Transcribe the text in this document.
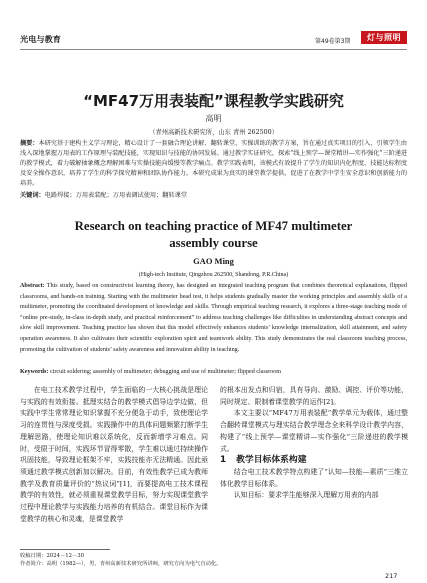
光电与教育	第49卷第3期	灯与照明
“MF47万用表装配”课程教学实践研究
高明
（青州高新技术研究所，山东 青州 262500）
摘要：本研究基于建构主义学习理论，精心设计了一套融合理论讲解、翻转课堂、实操训练的教学方案，旨在通过真实项目的引入，引领学生由浅入深地掌握万用表的工作原理与装配技能，实现知识与技能的协同发展。通过教学实证研究，探索“线上预学—课堂精讲—实作强化”三阶递进的教学模式，着力破解抽象概念理解困难与实操技能向缓慢等教学痛点。教学实践表明，该模式有效提升了学生的知识内化程度、技能达标程度及安全操作意识，培养了学生的科学探究精神和团队协作能力。本研究成果为真实的课堂教学提供，促进了在教学中学生安全意识和创新能力的培养。
关键词：电路焊接；万用表装配；万用表调试使用；翻转课堂
Research on teaching practice of MF47 multimeter
assembly course
GAO Ming
(High-tech Institute, Qingzhou 262500, Shandong, P.R.China)
Abstract: This study, based on constructivist learning theory, has designed an integrated teaching program that combines theoretical explanations, flipped classrooms, and hands-on training. Starting with the multimeter head test, it helps students gradually master the working principles and assembly skills of a multimeter, promoting the coordinated development of knowledge and skills. Through empirical teaching research, it explores a three-stage teaching mode of “online pre-study, in-class in-depth study, and practical reinforcement” to address teaching challenges like difficulties in understanding abstract concepts and slow skill improvement. Teaching practice has shown that this model effectively enhances students’ knowledge internalization, skill attainment, and safety operation awareness. It also cultivates their scientific exploration spirit and teamwork ability. This study demonstrates the real classroom teaching process, promoting the cultivation of students’ safety awareness and innovation ability in teaching.
Keywords: circuit soldering; assembly of multimeter; debugging and use of multimeter; flipped classroom

在电工技术教学过程中，学生面临的一大核心挑战是理论与实践的有效衔接。抵理实结合的教学模式倡导边学边做，但实践中学生常常理论知识掌握不充分便急于动手，致使理论学习的连贯性与深度受损。实践操作中的具体问题频繁打断学生理解思路，使理论知识难以系统化，反而新增学习难点。同时，受限于时间，实践环节冒得零散，学生难以通过持续操作巩固技能，导致理论框架不牢，实践技能亦无法精通。因此亟须通过教学模式创新加以解决。目前，有效性教学已成为教师教学及教育质量评价的“热议词”[1]，而要提高电工技术课程教学的有效性，就必须重视课堂教学目标，努力实现课堂教学过程中理论教学与实践能力培养的有机结合。课堂目标作为课堂教学的核心和灵魂，是课堂教学

的根本出发点和归宿，具有导向、激励、调控、评价等功能，同时规定、限制着课堂教学的运作[2]。

本文主要以“MF47万用表装配”教学单元为载体，通过整合翻转课堂模式与理实结合教学理念全来科学设计教学内容，构建了“线上预学—课堂精讲—实作强化”三阶递进的教学模式。

1 教学目标体系构建

结合电工技术教学特点构建了“认知—技能—素质”三维立体化教学目标体系。

认知目标：要求学生能够深入理解万用表的内部

收稿日期：2024－12－30
作者简介：高明（1982—），男，青州高新技术研究所讲师，研究方向为电气自动化。
217
